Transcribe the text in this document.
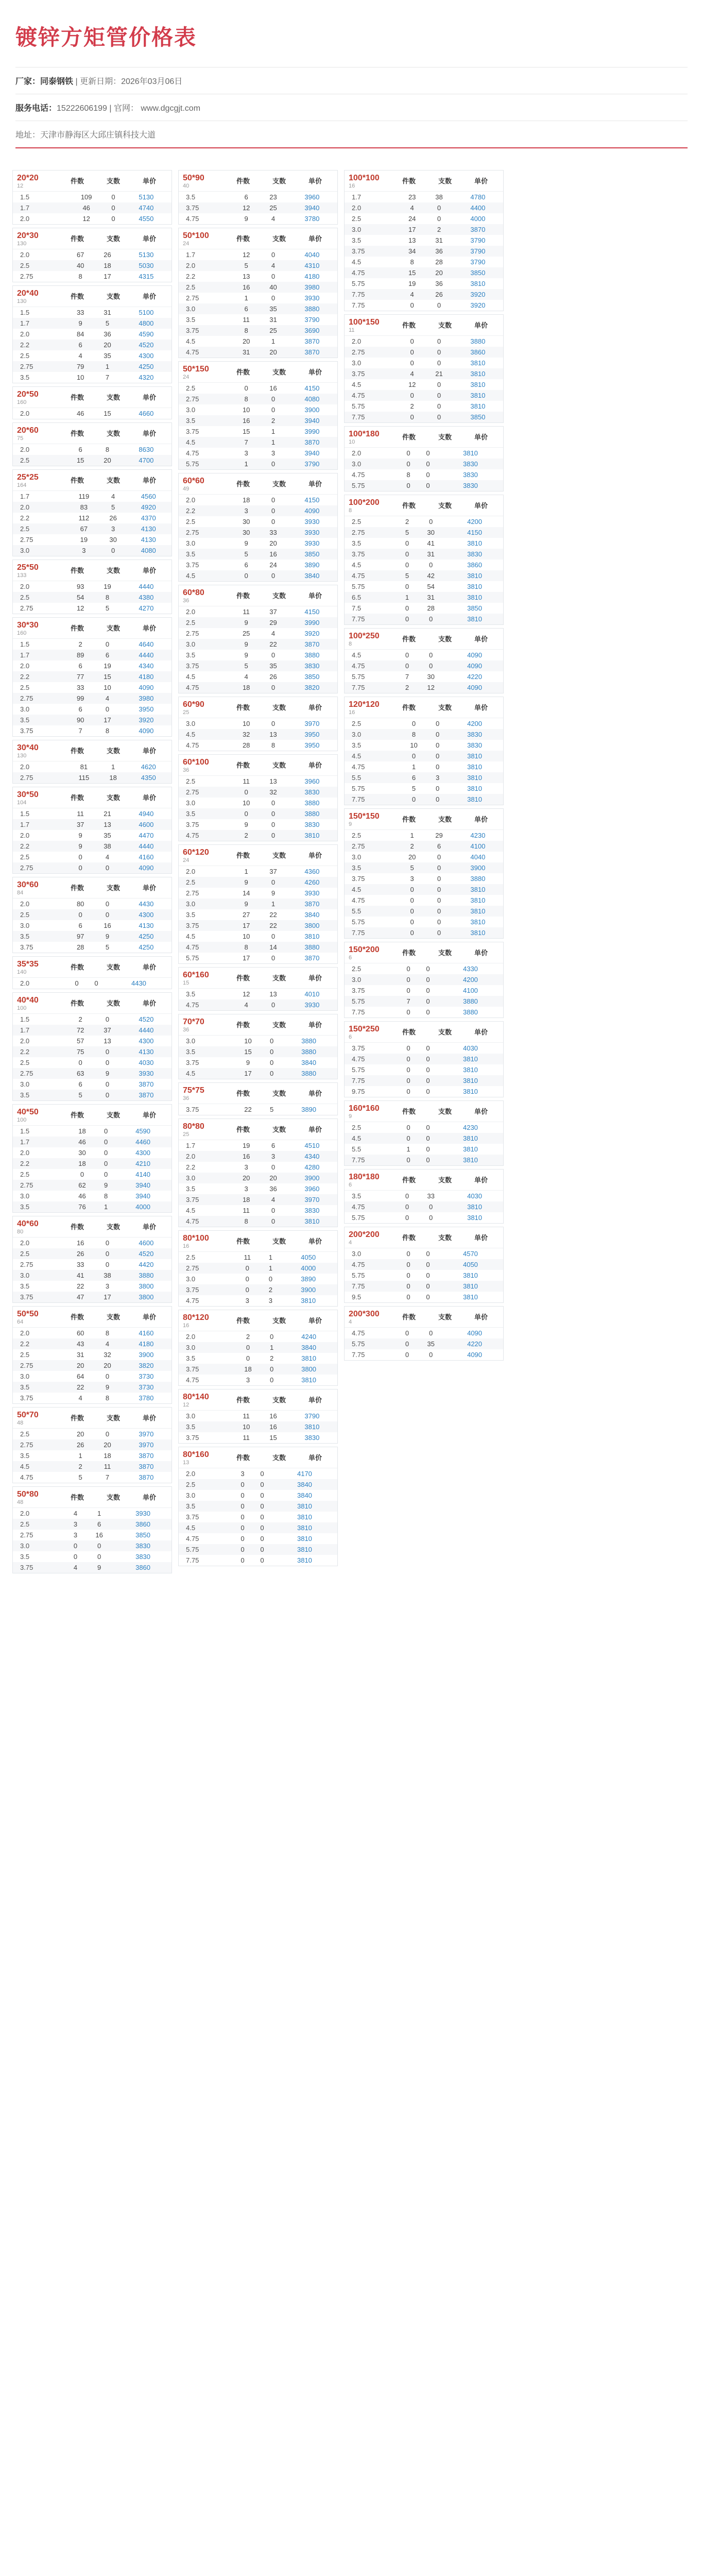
镀锌方矩管价格表
厂家：同泰钢铁 | 更新日期：2026年03月06日
服务电话：15222606199 | 官网： www.dgcgjt.com
地址：天津市静海区大邱庄镇科技大道
20*20
12
件数	支数	单价
1.5	109	0	5130
1.7	46	0	4740
2.0	12	0	4550
20*30
130
件数	支数	单价
2.0	67	26	5130
2.5	40	18	5030
2.75	8	17	4315
20*40
130
件数	支数	单价
1.5	33	31	5100
1.7	9	5	4800
2.0	84	36	4590
2.2	6	20	4520
2.5	4	35	4300
2.75	79	1	4250
3.5	10	7	4320
20*50
160
件数	支数	单价
2.0	46	15	4660
20*60
75
件数	支数	单价
2.0	6	8	8630
2.5	15	20	4700
25*25
164
件数	支数	单价
1.7	119	4	4560
2.0	83	5	4920
2.2	112	26	4370
2.5	67	3	4130
2.75	19	30	4130
3.0	3	0	4080
25*50
133
件数	支数	单价
2.0	93	19	4440
2.5	54	8	4380
2.75	12	5	4270
30*30
160
件数	支数	单价
1.5	2	0	4640
1.7	89	6	4440
2.0	6	19	4340
2.2	77	15	4180
2.5	33	10	4090
2.75	99	4	3980
3.0	6	0	3950
3.5	90	17	3920
3.75	7	8	4090
30*40
130
件数	支数	单价
2.0	81	1	4620
2.75	115	18	4350
30*50
104
件数	支数	单价
1.5	11	21	4940
1.7	37	13	4600
2.0	9	35	4470
2.2	9	38	4440
2.5	0	4	4160
2.75	0	0	4090
30*60
84
件数	支数	单价
2.0	80	0	4430
2.5	0	0	4300
3.0	6	16	4130
3.5	97	9	4250
3.75	28	5	4250
35*35
140
件数	支数	单价
2.0	0	0	4430
40*40
100
件数	支数	单价
1.5	2	0	4520
1.7	72	37	4440
2.0	57	13	4300
2.2	75	0	4130
2.5	0	0	4030
2.75	63	9	3930
3.0	6	0	3870
3.5	5	0	3870
40*50
100
件数	支数	单价
1.5	18	0	4590
1.7	46	0	4460
2.0	30	0	4300
2.2	18	0	4210
2.5	0	0	4140
2.75	62	9	3940
3.0	46	8	3940
3.5	76	1	4000
40*60
80
件数	支数	单价
2.0	16	0	4600
2.5	26	0	4520
2.75	33	0	4420
3.0	41	38	3880
3.5	22	3	3800
3.75	47	17	3800
50*50
64
件数	支数	单价
2.0	60	8	4160
2.2	43	4	4180
2.5	31	32	3900
2.75	20	20	3820
3.0	64	0	3730
3.5	22	9	3730
3.75	4	8	3780
50*70
48
件数	支数	单价
2.5	20	0	3970
2.75	26	20	3970
3.5	1	18	3870
4.5	2	11	3870
4.75	5	7	3870
50*80
48
件数	支数	单价
2.0	4	1	3930
2.5	3	6	3860
2.75	3	16	3850
3.0	0	0	3830
3.5	0	0	3830
3.75	4	9	3860
50*90
40
件数	支数	单价
3.5	6	23	3960
3.75	12	25	3940
4.75	9	4	3780
50*100
24
件数	支数	单价
1.7	12	0	4040
2.0	5	4	4310
2.2	13	0	4180
2.5	16	40	3980
2.75	1	0	3930
3.0	6	35	3880
3.5	11	31	3790
3.75	8	25	3690
4.5	20	1	3870
4.75	31	20	3870
50*150
24
件数	支数	单价
2.5	0	16	4150
2.75	8	0	4080
3.0	10	0	3900
3.5	16	2	3940
3.75	15	1	3990
4.5	7	1	3870
4.75	3	3	3940
5.75	1	0	3790
60*60
49
件数	支数	单价
2.0	18	0	4150
2.2	3	0	4090
2.5	30	0	3930
2.75	30	33	3930
3.0	9	20	3930
3.5	5	16	3850
3.75	6	24	3890
4.5	0	0	3840
60*80
36
件数	支数	单价
2.0	11	37	4150
2.5	9	29	3990
2.75	25	4	3920
3.0	9	22	3870
3.5	9	0	3880
3.75	5	35	3830
4.5	4	26	3850
4.75	18	0	3820
60*90
25
件数	支数	单价
3.0	10	0	3970
4.5	32	13	3950
4.75	28	8	3950
60*100
36
件数	支数	单价
2.5	11	13	3960
2.75	0	32	3830
3.0	10	0	3880
3.5	0	0	3880
3.75	9	0	3830
4.75	2	0	3810
60*120
24
件数	支数	单价
2.0	1	37	4360
2.5	9	0	4260
2.75	14	9	3930
3.0	9	1	3870
3.5	27	22	3840
3.75	17	22	3800
4.5	10	0	3810
4.75	8	14	3880
5.75	17	0	3870
60*160
15
件数	支数	单价
3.5	12	13	4010
4.75	4	0	3930
70*70
36
件数	支数	单价
3.0	10	0	3880
3.5	15	0	3880
3.75	9	0	3840
4.5	17	0	3880
75*75
36
件数	支数	单价
3.75	22	5	3890
80*80
25
件数	支数	单价
1.7	19	6	4510
2.0	16	3	4340
2.2	3	0	4280
3.0	20	20	3900
3.5	3	36	3960
3.75	18	4	3970
4.5	11	0	3830
4.75	8	0	3810
80*100
16
件数	支数	单价
2.5	11	1	4050
2.75	0	1	4000
3.0	0	0	3890
3.75	0	2	3900
4.75	3	3	3810
80*120
16
件数	支数	单价
2.0	2	0	4240
3.0	0	1	3840
3.5	0	2	3810
3.75	18	0	3800
4.75	3	0	3810
80*140
12
件数	支数	单价
3.0	11	16	3790
3.5	10	16	3810
3.75	11	15	3830
80*160
13
件数	支数	单价
2.0	3	0	4170
2.5	0	0	3840
3.0	0	0	3840
3.5	0	0	3810
3.75	0	0	3810
4.5	0	0	3810
4.75	0	0	3810
5.75	0	0	3810
7.75	0	0	3810
100*100
16
件数	支数	单价
1.7	23	38	4780
2.0	4	0	4400
2.5	24	0	4000
3.0	17	2	3870
3.5	13	31	3790
3.75	34	36	3790
4.5	8	28	3790
4.75	15	20	3850
5.75	19	36	3810
7.75	4	26	3920
7.75	0	0	3920
100*150
11
件数	支数	单价
2.0	0	0	3880
2.75	0	0	3860
3.0	0	0	3810
3.75	4	21	3810
4.5	12	0	3810
4.75	0	0	3810
5.75	2	0	3810
7.75	0	0	3850
100*180
10
件数	支数	单价
2.0	0	0	3810
3.0	0	0	3830
4.75	8	0	3830
5.75	0	0	3830
100*200
8
件数	支数	单价
2.5	2	0	4200
2.75	5	30	4150
3.5	0	41	3810
3.75	0	31	3830
4.5	0	0	3860
4.75	5	42	3810
5.75	0	54	3810
6.5	1	31	3810
7.5	0	28	3850
7.75	0	0	3810
100*250
8
件数	支数	单价
4.5	0	0	4090
4.75	0	0	4090
5.75	7	30	4220
7.75	2	12	4090
120*120
16
件数	支数	单价
2.5	0	0	4200
3.0	8	0	3830
3.5	10	0	3830
4.5	0	0	3810
4.75	1	0	3810
5.5	6	3	3810
5.75	5	0	3810
7.75	0	0	3810
150*150
9
件数	支数	单价
2.5	1	29	4230
2.75	2	6	4100
3.0	20	0	4040
3.5	5	0	3900
3.75	3	0	3880
4.5	0	0	3810
4.75	0	0	3810
5.5	0	0	3810
5.75	0	0	3810
7.75	0	0	3810
150*200
6
件数	支数	单价
2.5	0	0	4330
3.0	0	0	4200
3.75	0	0	4100
5.75	7	0	3880
7.75	0	0	3880
150*250
6
件数	支数	单价
3.75	0	0	4030
4.75	0	0	3810
5.75	0	0	3810
7.75	0	0	3810
9.75	0	0	3810
160*160
9
件数	支数	单价
2.5	0	0	4230
4.5	0	0	3810
5.5	1	0	3810
7.75	0	0	3810
180*180
6
件数	支数	单价
3.5	0	33	4030
4.75	0	0	3810
5.75	0	0	3810
200*200
4
件数	支数	单价
3.0	0	0	4570
4.75	0	0	4050
5.75	0	0	3810
7.75	0	0	3810
9.5	0	0	3810
200*300
4
件数	支数	单价
4.75	0	0	4090
5.75	0	35	4220
7.75	0	0	4090
